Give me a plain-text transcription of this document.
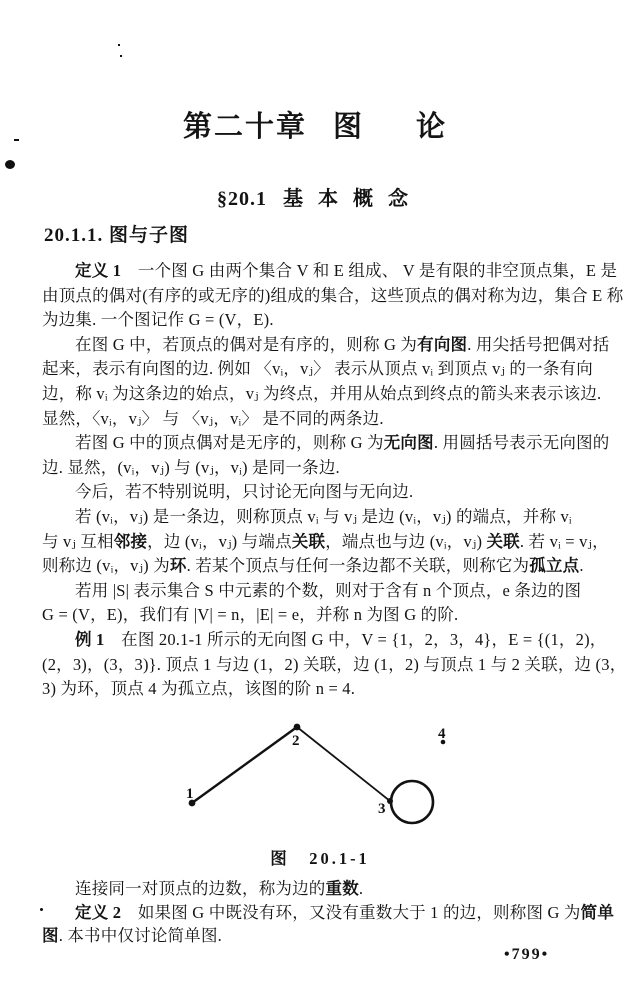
第二十章 图 论
§20.1 基 本 概 念
20.1.1. 图与子图
定义 1　一个图 G 由两个集合 V 和 E 组成、 V 是有限的非空顶点集，E 是
由顶点的偶对(有序的或无序的)组成的集合，这些顶点的偶对称为边，集合 E 称
为边集. 一个图记作 G = (V，E).
在图 G 中，若顶点的偶对是有序的，则称 G 为有向图. 用尖括号把偶对括
起来，表示有向图的边. 例如 〈vᵢ，vⱼ〉 表示从顶点 vᵢ 到顶点 vⱼ 的一条有向
边，称 vᵢ 为这条边的始点，vⱼ 为终点，并用从始点到终点的箭头来表示该边.
显然，〈vᵢ，vⱼ〉 与 〈vⱼ，vᵢ〉 是不同的两条边.
若图 G 中的顶点偶对是无序的，则称 G 为无向图. 用圆括号表示无向图的
边. 显然，(vᵢ，vⱼ) 与 (vⱼ，vᵢ) 是同一条边.
今后，若不特别说明，只讨论无向图与无向边.
若 (vᵢ，vⱼ) 是一条边，则称顶点 vᵢ 与 vⱼ 是边 (vᵢ，vⱼ) 的端点，并称 vᵢ
与 vⱼ 互相邻接，边 (vᵢ，vⱼ) 与端点关联，端点也与边 (vᵢ，vⱼ) 关联. 若 vᵢ = vⱼ，
则称边 (vᵢ，vⱼ) 为环. 若某个顶点与任何一条边都不关联，则称它为孤立点.
若用 |S| 表示集合 S 中元素的个数，则对于含有 n 个顶点，e 条边的图
G = (V，E)，我们有 |V| = n，|E| = e，并称 n 为图 G 的阶.
例 1　在图 20.1-1 所示的无向图 G 中，V = {1，2，3，4}，E = {(1，2)，
(2，3)，(3，3)}. 顶点 1 与边 (1，2) 关联，边 (1，2) 与顶点 1 与 2 关联，边 (3，
3) 为环，顶点 4 为孤立点，该图的阶 n = 4.
1
2
3
4
图　20.1-1
连接同一对顶点的边数，称为边的重数.
定义 2　如果图 G 中既没有环，又没有重数大于 1 的边，则称图 G 为简单
图. 本书中仅讨论简单图.
•799•
